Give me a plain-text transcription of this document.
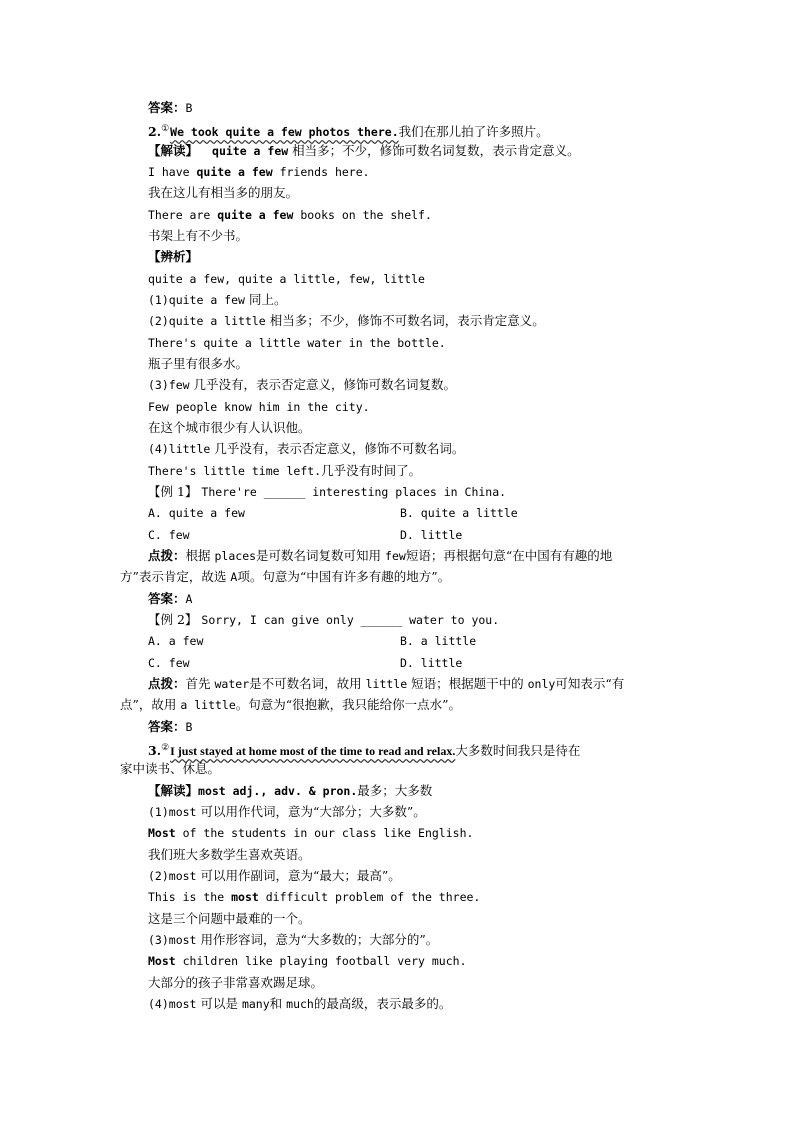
答案：B
2.①We took quite a few photos there.我们在那儿拍了许多照片。
【解读】 quite a few 相当多；不少，修饰可数名词复数，表示肯定意义。
I have quite a few friends here.
我在这儿有相当多的朋友。
There are quite a few books on the shelf.
书架上有不少书。
【辨析】
quite a few, quite a little, few, little
(1)quite a few 同上。
(2)quite a little 相当多；不少，修饰不可数名词，表示肯定意义。
There's quite a little water in the bottle.
瓶子里有很多水。
(3)few 几乎没有，表示否定意义，修饰可数名词复数。
Few people know him in the city.
在这个城市很少有人认识他。
(4)little 几乎没有，表示否定意义，修饰不可数名词。
There's little time left.几乎没有时间了。
【例 1】 There're ______ interesting places in China.
A. quite a few	B. quite a little
C. few	D. little
点拨：根据 places是可数名词复数可知用 few短语；再根据句意“在中国有有趣的地
方”表示肯定，故选 A项。句意为“中国有许多有趣的地方”。
答案：A
【例 2】 Sorry, I can give only ______ water to you.
A. a few	B. a little
C. few	D. little
点拨：首先 water是不可数名词，故用 little 短语；根据题干中的 only可知表示“有
点”，故用 a little。句意为“很抱歉，我只能给你一点水”。
答案：B
3.②I just stayed at home most of the time to read and relax.大多数时间我只是待在
家中读书、休息。
【解读】most adj., adv. & pron.最多；大多数
(1)most 可以用作代词，意为“大部分；大多数”。
Most of the students in our class like English.
我们班大多数学生喜欢英语。
(2)most 可以用作副词，意为“最大；最高”。
This is the most difficult problem of the three.
这是三个问题中最难的一个。
(3)most 用作形容词，意为“大多数的；大部分的”。
Most children like playing football very much.
大部分的孩子非常喜欢踢足球。
(4)most 可以是 many和 much的最高级，表示最多的。
